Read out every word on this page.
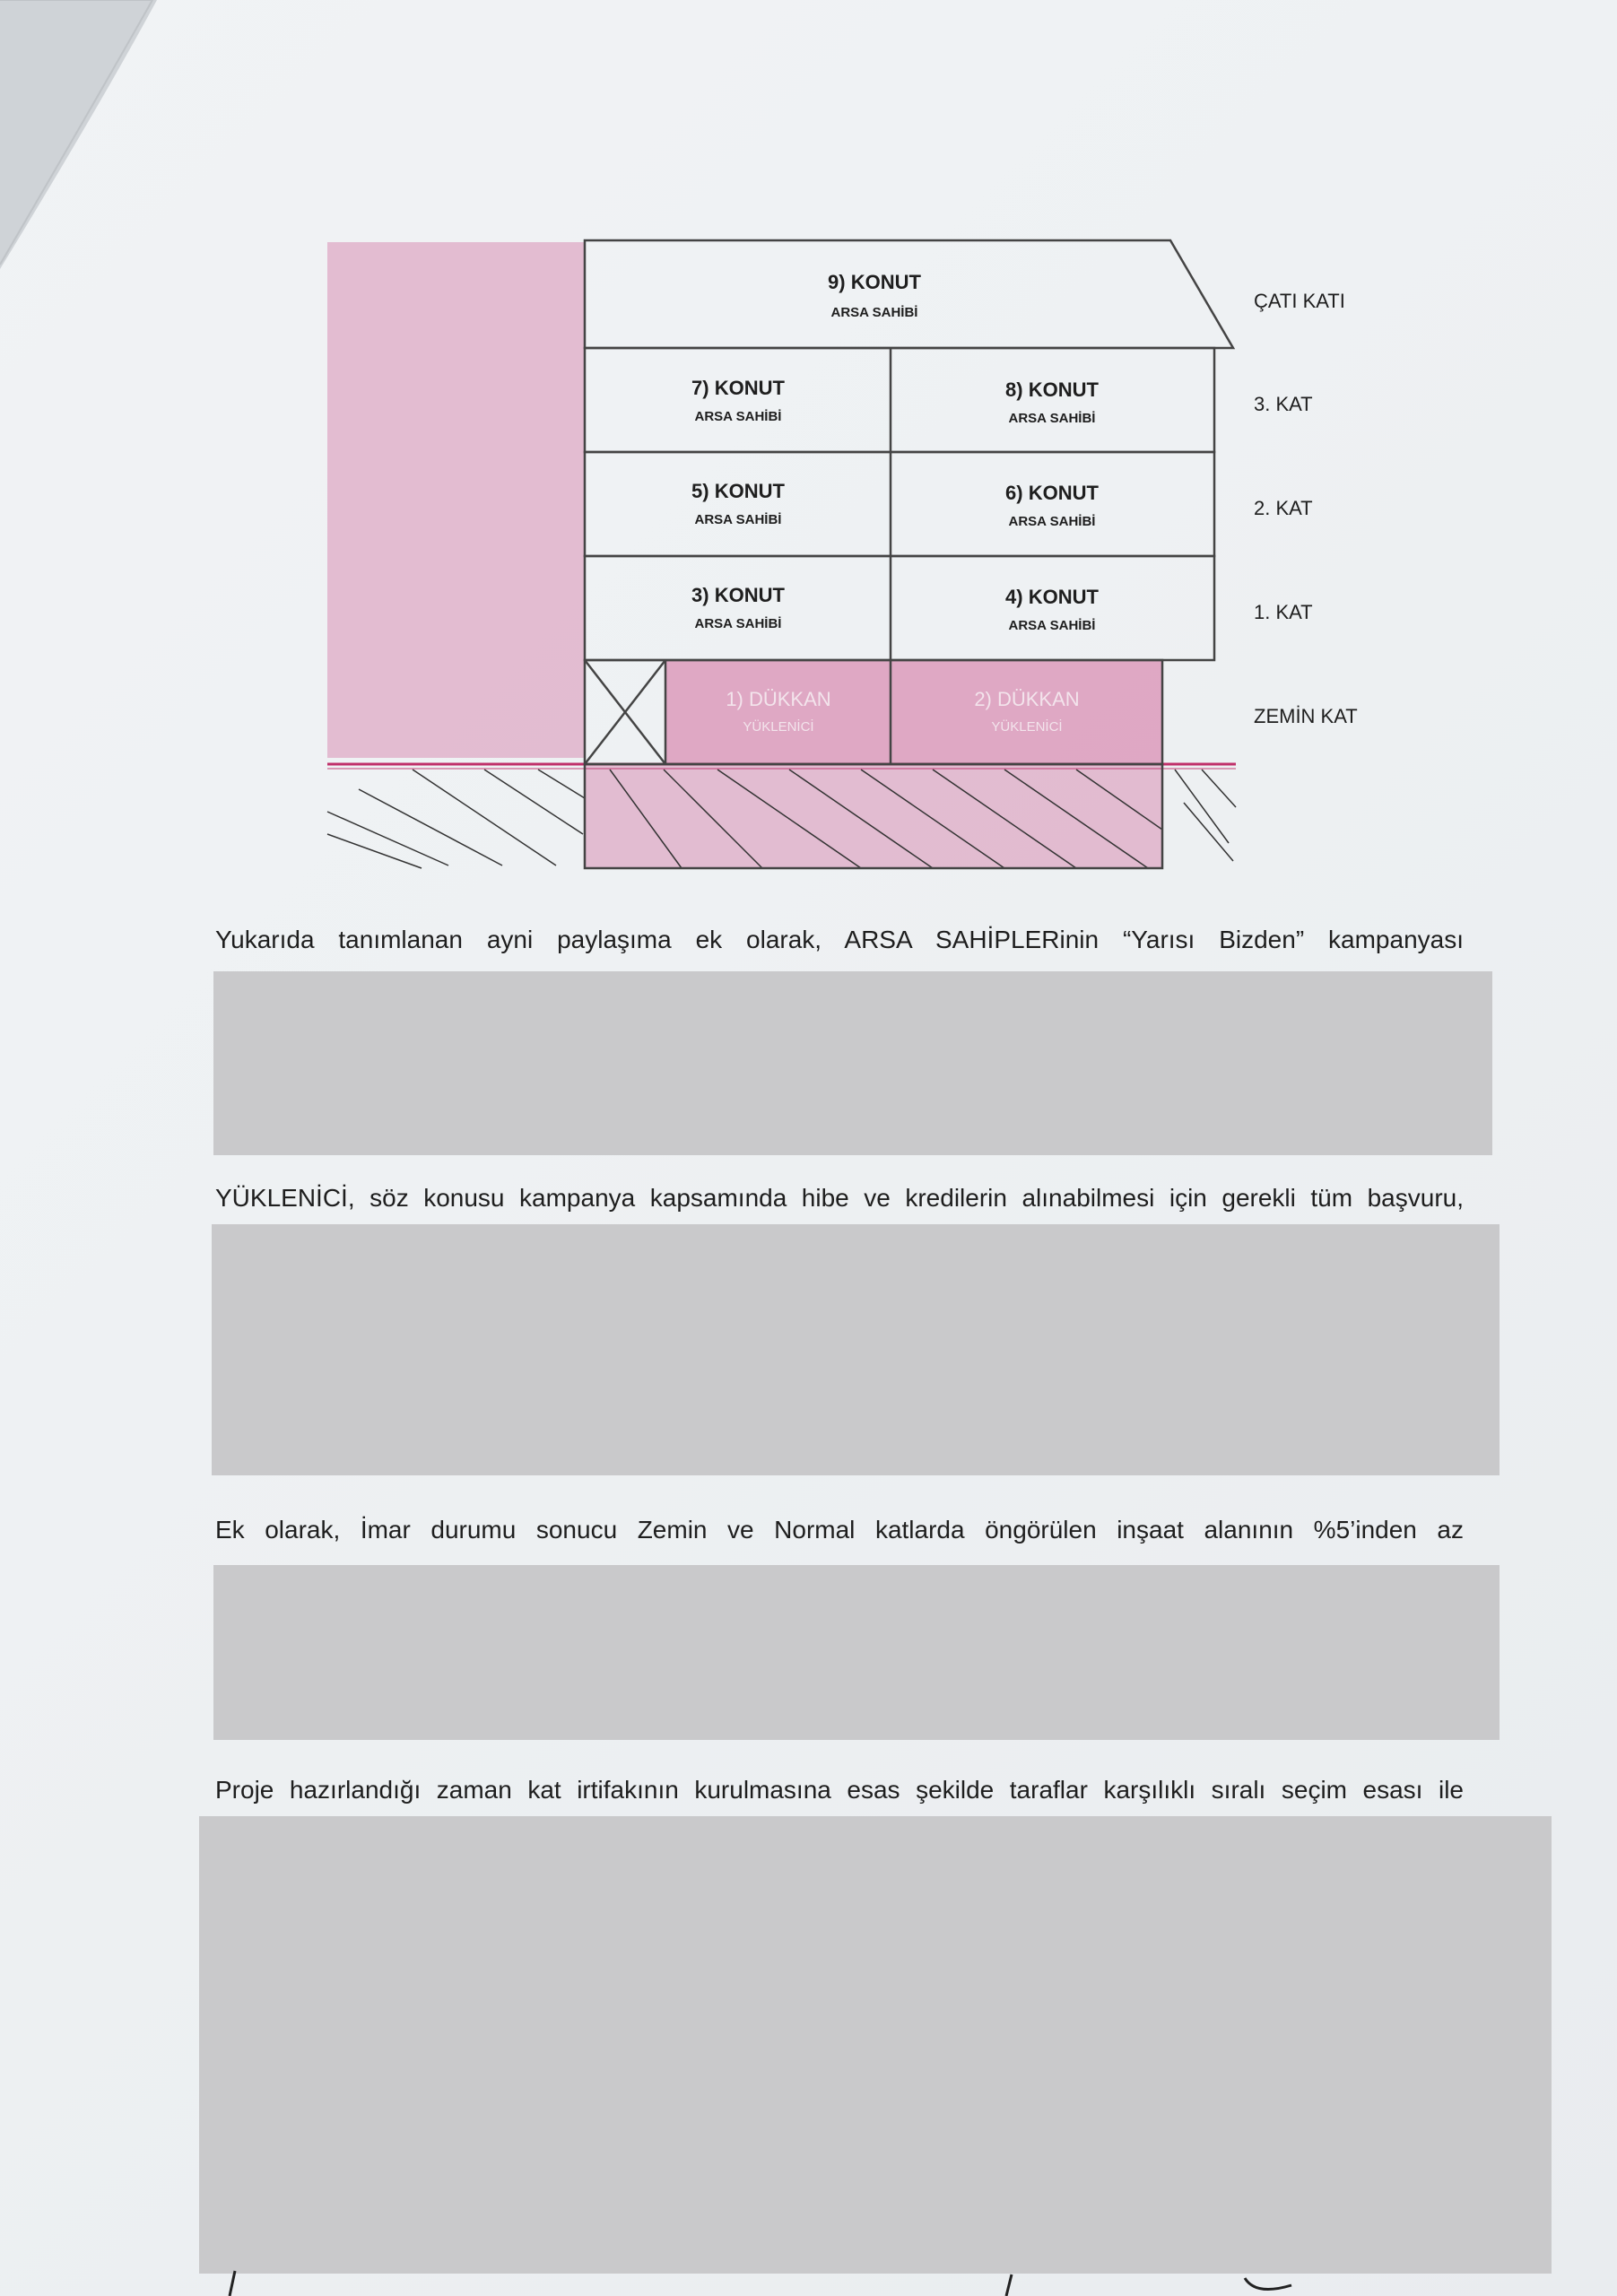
9) KONUT
ARSA SAHİBİ
7) KONUT
ARSA SAHİBİ
8) KONUT
ARSA SAHİBİ
5) KONUT
ARSA SAHİBİ
6) KONUT
ARSA SAHİBİ
3) KONUT
ARSA SAHİBİ
4) KONUT
ARSA SAHİBİ
1) DÜKKAN
YÜKLENİCİ
2) DÜKKAN
YÜKLENİCİ
ÇATI KATI
3. KAT
2. KAT
1. KAT
ZEMİN KAT
Yukarıda tanımlanan ayni paylaşıma ek olarak, ARSA SAHİPLERinin “Yarısı Bizden” kampanyası
YÜKLENİCİ, söz konusu kampanya kapsamında hibe ve kredilerin alınabilmesi için gerekli tüm başvuru,
Ek olarak, İmar durumu sonucu Zemin ve Normal katlarda öngörülen inşaat alanının %5’inden az
Proje hazırlandığı zaman kat irtifakının kurulmasına esas şekilde taraflar karşılıklı sıralı seçim esası ile
